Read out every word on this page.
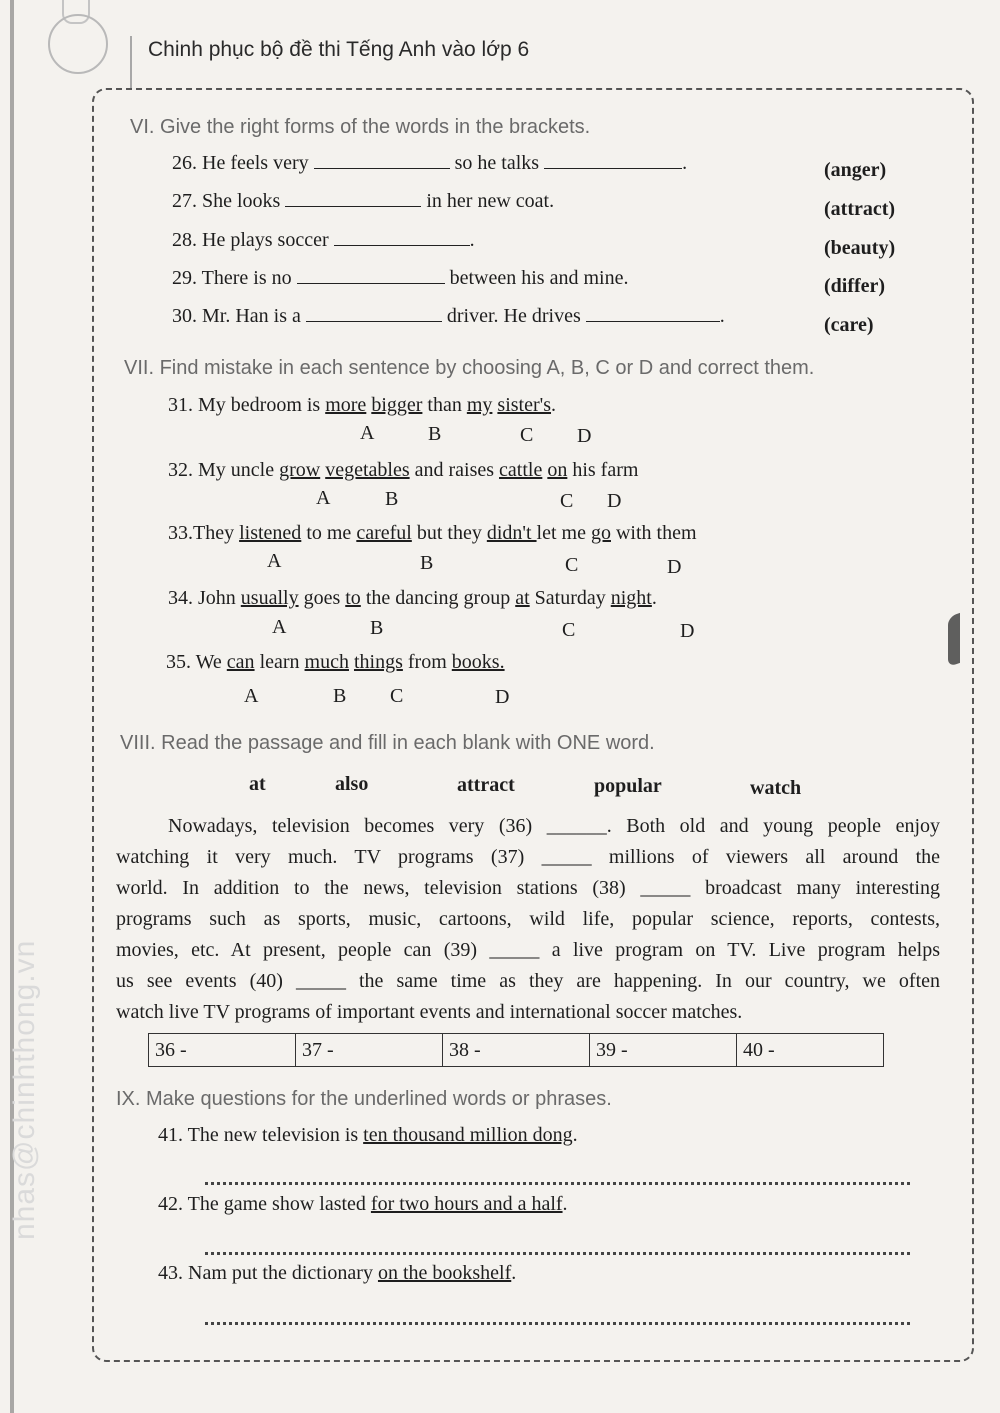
Chinh phục bộ đề thi Tếng Anh vào lớp 6
nhas@chinhthong.vn
VI. Give the right forms of the words in the brackets.
26. He feels very	so he talks	.	(anger)
27. She looks	in her new coat.	(attract)
28. He plays soccer	.	(beauty)
29. There is no	between his and mine.	(differ)
30. Mr. Han is a	driver. He drives	.	(care)
VII. Find mistake in each sentence by choosing A, B, C or D and correct them.
31. My bedroom is more bigger than my sister's.
A	B	C D
32. My uncle grow vegetables and raises cattle on his farm
A	B	C D
33.They listened to me careful but they didn't let me go with them
A	B	C	D
34. John usually goes to the dancing group at Saturday night.
A	B	C	D
35. We can learn much things from books.
A	B C	D
VIII. Read the passage and fill in each blank with ONE word.
at	also	attract	popular	watch
Nowadays, television becomes very (36) ______. Both old and young people enjoy
watching it very much. TV programs (37) _____ millions of viewers all around the
world. In addition to the news, television stations (38) _____ broadcast many interesting
programs such as sports, music, cartoons, wild life, popular science, reports, contests,
movies, etc. At present, people can (39) _____ a live program on TV. Live program helps
us see events (40) _____ the same time as they are happening. In our country, we often
watch live TV programs of important events and international soccer matches.
36 -	37 -	38 -	39 -	40 -
IX. Make questions for the underlined words or phrases.
41. The new television is ten thousand million dong.
42. The game show lasted for two hours and a half.
43. Nam put the dictionary on the bookshelf.
